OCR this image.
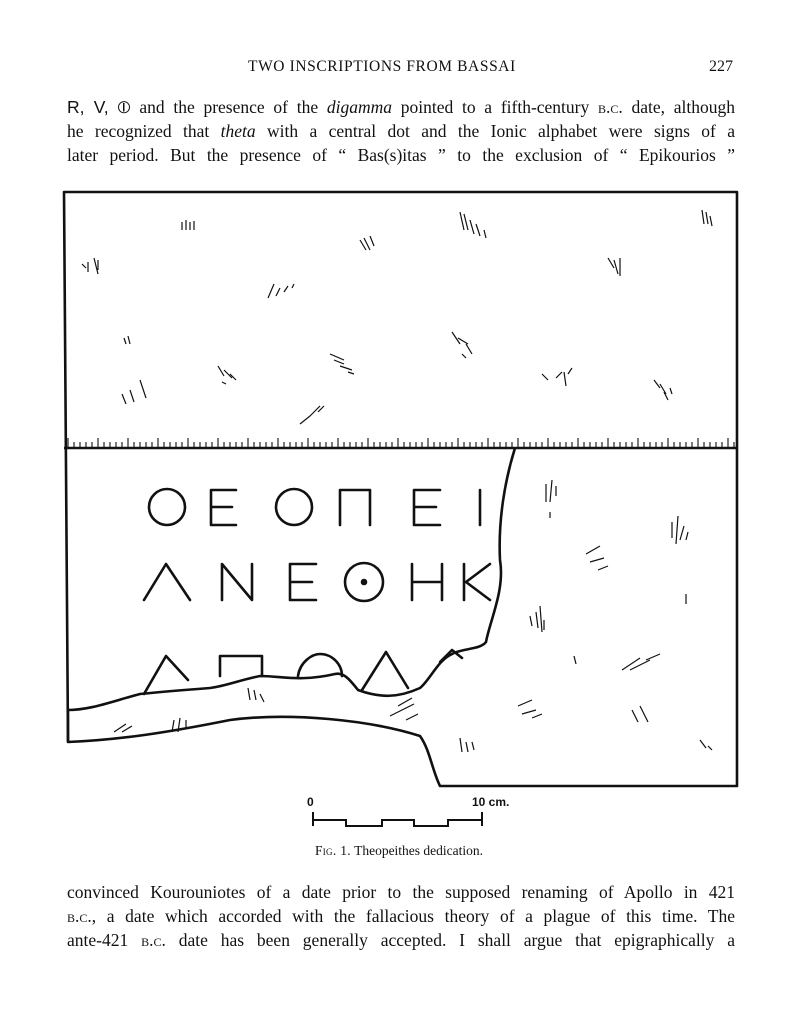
TWO INSCRIPTIONS FROM BASSAI	227

R, V, ⦶ and the presence of the digamma pointed to a fifth-century b.c. date, although
he recognized that theta with a central dot and the Ionic alphabet were signs of a
later period. But the presence of “ Bas(s)itas ” to the exclusion of “ Epikourios ”

0	10 cm.
Fig. 1. Theopeithes dedication.

convinced Kourouniotes of a date prior to the supposed renaming of Apollo in 421
b.c., a date which accorded with the fallacious theory of a plague of this time. The
ante-421 b.c. date has been generally accepted. I shall argue that epigraphically a
